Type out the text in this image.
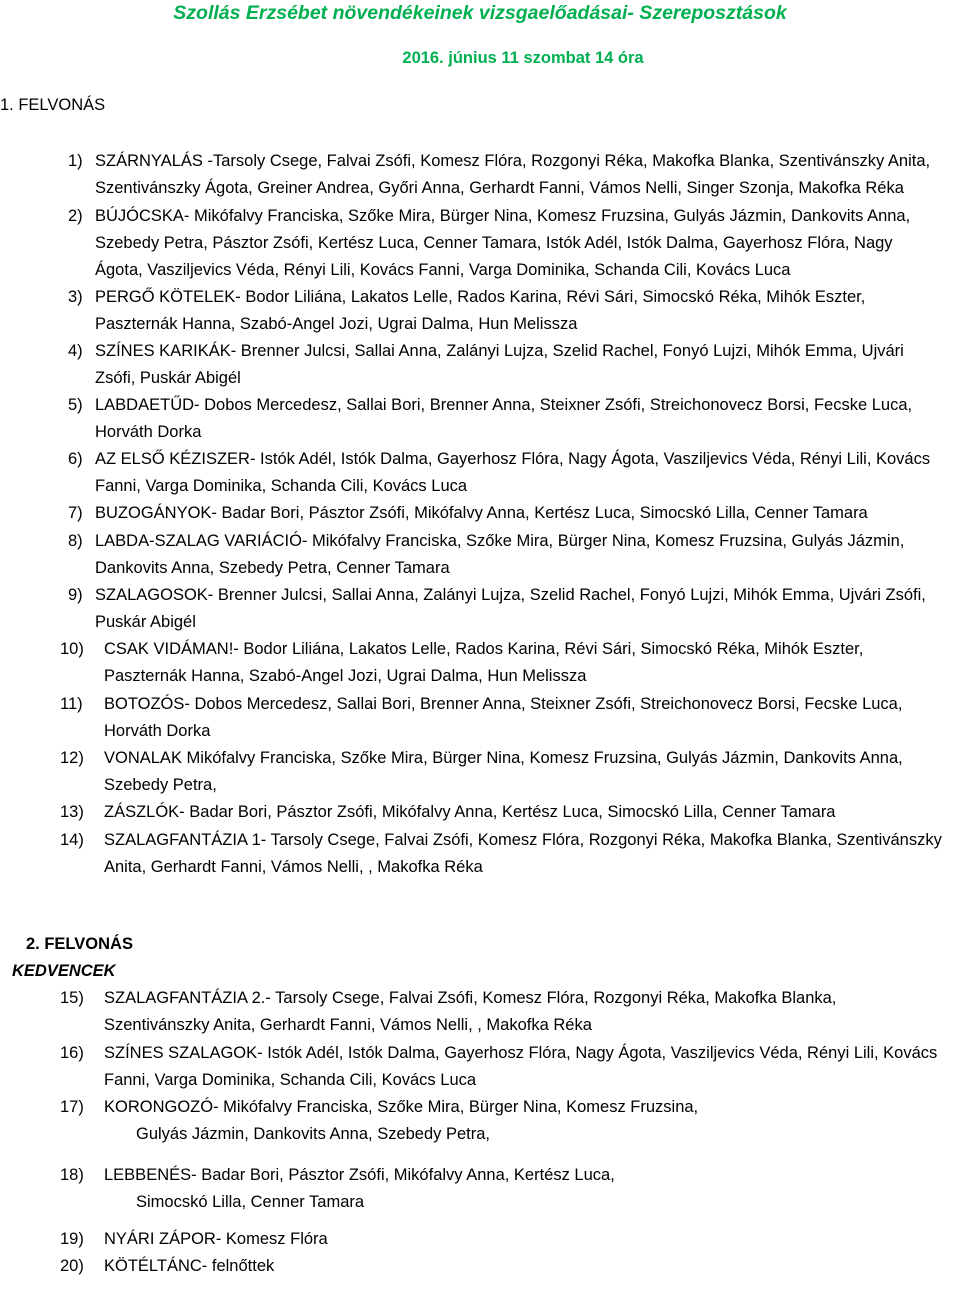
Szollás Erzsébet növendékeinek vizsgaelőadásai- Szereposztások
2016. június 11 szombat 14 óra
1. FELVONÁS
2. FELVONÁS
KEDVENCEK
1) SZÁRNYALÁS -Tarsoly Csege, Falvai Zsófi, Komesz Flóra, Rozgonyi Réka, Makofka Blanka, Szentivánszky Anita,
Szentivánszky Ágota, Greiner Andrea, Győri Anna, Gerhardt Fanni, Vámos Nelli, Singer Szonja, Makofka Réka
2) BÚJÓCSKA- Mikófalvy Franciska, Szőke Mira, Bürger Nina, Komesz Fruzsina, Gulyás Jázmin, Dankovits Anna,
Szebedy Petra, Pásztor Zsófi, Kertész Luca, Cenner Tamara, Istók Adél, Istók Dalma, Gayerhosz Flóra, Nagy
Ágota, Vasziljevics Véda, Rényi Lili, Kovács Fanni, Varga Dominika, Schanda Cili, Kovács Luca
3) PERGŐ KÖTELEK- Bodor Liliána, Lakatos Lelle, Rados Karina, Révi Sári, Simocskó Réka, Mihók Eszter,
Paszternák Hanna, Szabó-Angel Jozi, Ugrai Dalma, Hun Melissza
4) SZÍNES KARIKÁK- Brenner Julcsi, Sallai Anna, Zalányi Lujza, Szelid Rachel, Fonyó Lujzi, Mihók Emma, Ujvári
Zsófi, Puskár Abigél
5) LABDAETŰD- Dobos Mercedesz, Sallai Bori, Brenner Anna, Steixner Zsófi, Streichonovecz Borsi, Fecske Luca,
Horváth Dorka
6) AZ ELSŐ KÉZISZER- Istók Adél, Istók Dalma, Gayerhosz Flóra, Nagy Ágota, Vasziljevics Véda, Rényi Lili, Kovács
Fanni, Varga Dominika, Schanda Cili, Kovács Luca
7) BUZOGÁNYOK- Badar Bori, Pásztor Zsófi, Mikófalvy Anna, Kertész Luca, Simocskó Lilla, Cenner Tamara
8) LABDA-SZALAG VARIÁCIÓ- Mikófalvy Franciska, Szőke Mira, Bürger Nina, Komesz Fruzsina, Gulyás Jázmin,
Dankovits Anna, Szebedy Petra, Cenner Tamara
9) SZALAGOSOK- Brenner Julcsi, Sallai Anna, Zalányi Lujza, Szelid Rachel, Fonyó Lujzi, Mihók Emma, Ujvári Zsófi,
Puskár Abigél
10) CSAK VIDÁMAN!- Bodor Liliána, Lakatos Lelle, Rados Karina, Révi Sári, Simocskó Réka, Mihók Eszter,
Paszternák Hanna, Szabó-Angel Jozi, Ugrai Dalma, Hun Melissza
11) BOTOZÓS- Dobos Mercedesz, Sallai Bori, Brenner Anna, Steixner Zsófi, Streichonovecz Borsi, Fecske Luca,
Horváth Dorka
12) VONALAK Mikófalvy Franciska, Szőke Mira, Bürger Nina, Komesz Fruzsina, Gulyás Jázmin, Dankovits Anna,
Szebedy Petra,
13) ZÁSZLÓK- Badar Bori, Pásztor Zsófi, Mikófalvy Anna, Kertész Luca, Simocskó Lilla, Cenner Tamara
14) SZALAGFANTÁZIA 1- Tarsoly Csege, Falvai Zsófi, Komesz Flóra, Rozgonyi Réka, Makofka Blanka, Szentivánszky
Anita, Gerhardt Fanni, Vámos Nelli, , Makofka Réka
15) SZALAGFANTÁZIA 2.- Tarsoly Csege, Falvai Zsófi, Komesz Flóra, Rozgonyi Réka, Makofka Blanka,
Szentivánszky Anita, Gerhardt Fanni, Vámos Nelli, , Makofka Réka
16) SZÍNES SZALAGOK- Istók Adél, Istók Dalma, Gayerhosz Flóra, Nagy Ágota, Vasziljevics Véda, Rényi Lili, Kovács
Fanni, Varga Dominika, Schanda Cili, Kovács Luca
17) KORONGOZÓ- Mikófalvy Franciska, Szőke Mira, Bürger Nina, Komesz Fruzsina,
Gulyás Jázmin, Dankovits Anna, Szebedy Petra,
18) LEBBENÉS- Badar Bori, Pásztor Zsófi, Mikófalvy Anna, Kertész Luca,
Simocskó Lilla, Cenner Tamara
19) NYÁRI ZÁPOR- Komesz Flóra
20) KÖTÉLTÁNC- felnőttek
